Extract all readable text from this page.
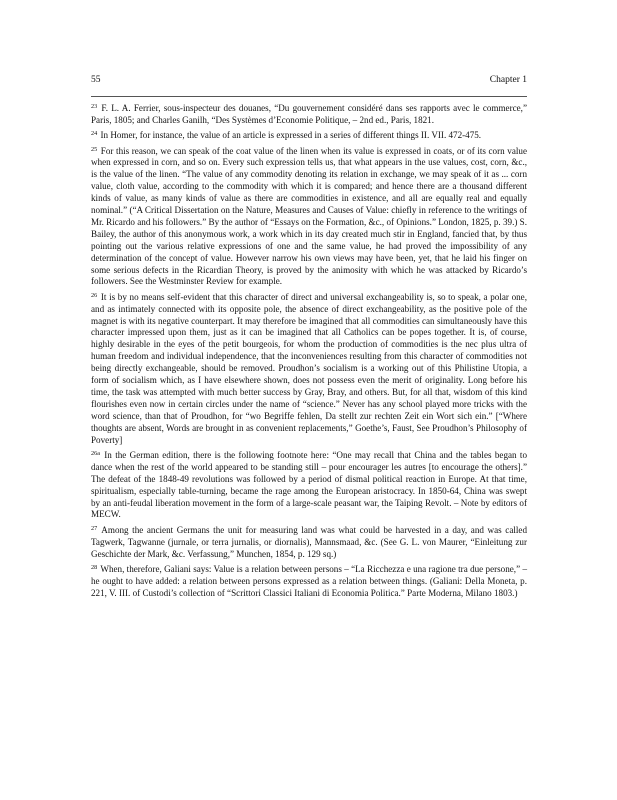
55	Chapter 1

$^{23}$ F. L. A. Ferrier, sous-inspecteur des douanes, “Du gouvernement considéré dans ses rapports avec le commerce,” Paris, 1805; and Charles Ganilh, “Des Systèmes d’Economie Politique, – 2nd ed., Paris, 1821.

$^{24}$ In Homer, for instance, the value of an article is expressed in a series of different things II. VII. 472-475.

$^{25}$ For this reason, we can speak of the coat value of the linen when its value is expressed in coats, or of its corn value when expressed in corn, and so on. Every such expression tells us, that what appears in the use values, cost, corn, &c., is the value of the linen. “The value of any commodity denoting its relation in exchange, we may speak of it as ... corn value, cloth value, according to the commodity with which it is compared; and hence there are a thousand different kinds of value, as many kinds of value as there are commodities in existence, and all are equally real and equally nominal.” (“A Critical Dissertation on the Nature, Measures and Causes of Value: chiefly in reference to the writings of Mr. Ricardo and his followers.” By the author of “Essays on the Formation, &c., of Opinions.” London, 1825, p. 39.) S. Bailey, the author of this anonymous work, a work which in its day created much stir in England, fancied that, by thus pointing out the various relative expressions of one and the same value, he had proved the impossibility of any determination of the concept of value. However narrow his own views may have been, yet, that he laid his finger on some serious defects in the Ricardian Theory, is proved by the animosity with which he was attacked by Ricardo’s followers. See the Westminster Review for example.

$^{26}$ It is by no means self-evident that this character of direct and universal exchangeability is, so to speak, a polar one, and as intimately connected with its opposite pole, the absence of direct exchangeability, as the positive pole of the magnet is with its negative counterpart. It may therefore be imagined that all commodities can simultaneously have this character impressed upon them, just as it can be imagined that all Catholics can be popes together. It is, of course, highly desirable in the eyes of the petit bourgeois, for whom the production of commodities is the nec plus ultra of human freedom and individual independence, that the inconveniences resulting from this character of commodities not being directly exchangeable, should be removed. Proudhon’s socialism is a working out of this Philistine Utopia, a form of socialism which, as I have elsewhere shown, does not possess even the merit of originality. Long before his time, the task was attempted with much better success by Gray, Bray, and others. But, for all that, wisdom of this kind flourishes even now in certain circles under the name of “science.” Never has any school played more tricks with the word science, than that of Proudhon, for “wo Begriffe fehlen, Da stellt zur rechten Zeit ein Wort sich ein.” [“Where thoughts are absent, Words are brought in as convenient replacements,” Goethe’s, Faust, See Proudhon’s Philosophy of Poverty]

$^{26a}$ In the German edition, there is the following footnote here: “One may recall that China and the tables began to dance when the rest of the world appeared to be standing still – pour encourager les autres [to encourage the others].” The defeat of the 1848-49 revolutions was followed by a period of dismal political reaction in Europe. At that time, spiritualism, especially table-turning, became the rage among the European aristocracy. In 1850-64, China was swept by an anti-feudal liberation movement in the form of a large-scale peasant war, the Taiping Revolt. – Note by editors of MECW.

$^{27}$ Among the ancient Germans the unit for measuring land was what could be harvested in a day, and was called Tagwerk, Tagwanne (jurnale, or terra jurnalis, or diornalis), Mannsmaad, &c. (See G. L. von Maurer, “Einleitung zur Geschichte der Mark, &c. Verfassung,” Munchen, 1854, p. 129 sq.)

$^{28}$ When, therefore, Galiani says: Value is a relation between persons – “La Ricchezza e una ragione tra due persone,” – he ought to have added: a relation between persons expressed as a relation between things. (Galiani: Della Moneta, p. 221, V. III. of Custodi’s collection of “Scrittori Classici Italiani di Economia Politica.” Parte Moderna, Milano 1803.)
